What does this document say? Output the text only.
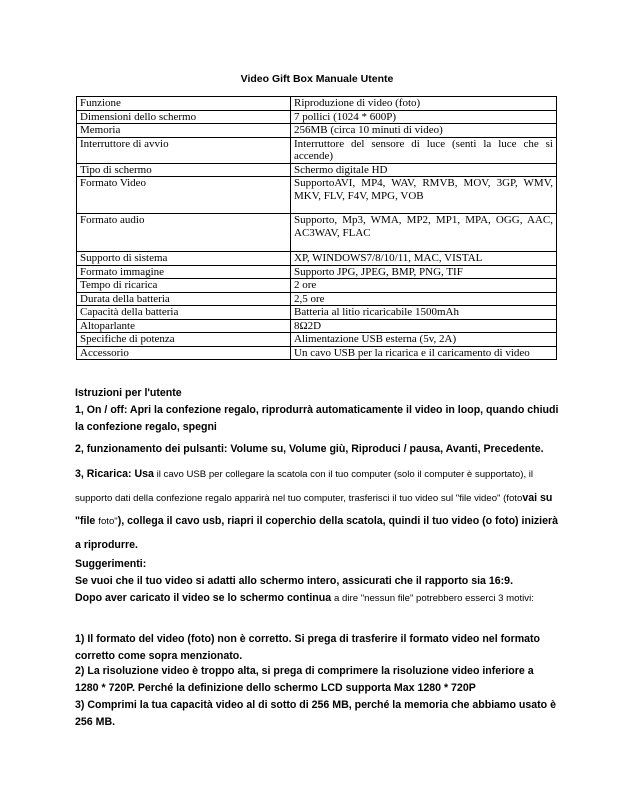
Video Gift Box Manuale Utente
Funzione	Riproduzione di video (foto)
Dimensioni dello schermo	7 pollici (1024 * 600P)
Memoria	256MB (circa 10 minuti di video)
Interruttore di avvio	Interruttore del sensore di luce (senti la luce che si accende)
Tipo di schermo	Schermo digitale HD
Formato Video	SupportoAVI, MP4, WAV, RMVB, MOV, 3GP, WMV, MKV, FLV, F4V, MPG, VOB
Formato audio	Supporto, Mp3, WMA, MP2, MP1, MPA, OGG, AAC, AC3WAV, FLAC
Supporto di sistema	XP, WINDOWS7/8/10/11, MAC, VISTAL
Formato immagine	Supporto JPG, JPEG, BMP, PNG, TIF
Tempo di ricarica	2 ore
Durata della batteria	2,5 ore
Capacità della batteria	Batteria al litio ricaricabile 1500mAh
Altoparlante	8Ω2D
Specifiche di potenza	Alimentazione USB esterna (5v, 2A)
Accessorio	Un cavo USB per la ricarica e il caricamento di video

Istruzioni per l'utente

1, On / off: Apri la confezione regalo, riprodurrà automaticamente il video in loop, quando chiudi la confezione regalo, spegni

2, funzionamento dei pulsanti: Volume su, Volume giù, Riproduci / pausa, Avanti, Precedente.

3, Ricarica: Usa il cavo USB per collegare la scatola con il tuo computer (solo il computer è supportato), il supporto dati della confezione regalo apparirà nel tuo computer, trasferisci il tuo video sul "file video" (fotovai su "file foto"), collega il cavo usb, riapri il coperchio della scatola, quindi il tuo video (o foto) inizierà a riprodurre.

Suggerimenti:

Se vuoi che il tuo video si adatti allo schermo intero, assicurati che il rapporto sia 16:9.

Dopo aver caricato il video se lo schermo continua a dire "nessun file" potrebbero esserci 3 motivi:

1) Il formato del video (foto) non è corretto. Si prega di trasferire il formato video nel formato corretto come sopra menzionato.

2) La risoluzione video è troppo alta, si prega di comprimere la risoluzione video inferiore a 1280 * 720P. Perché la definizione dello schermo LCD supporta Max 1280 * 720P

3) Comprimi la tua capacità video al di sotto di 256 MB, perché la memoria che abbiamo usato è 256 MB.
